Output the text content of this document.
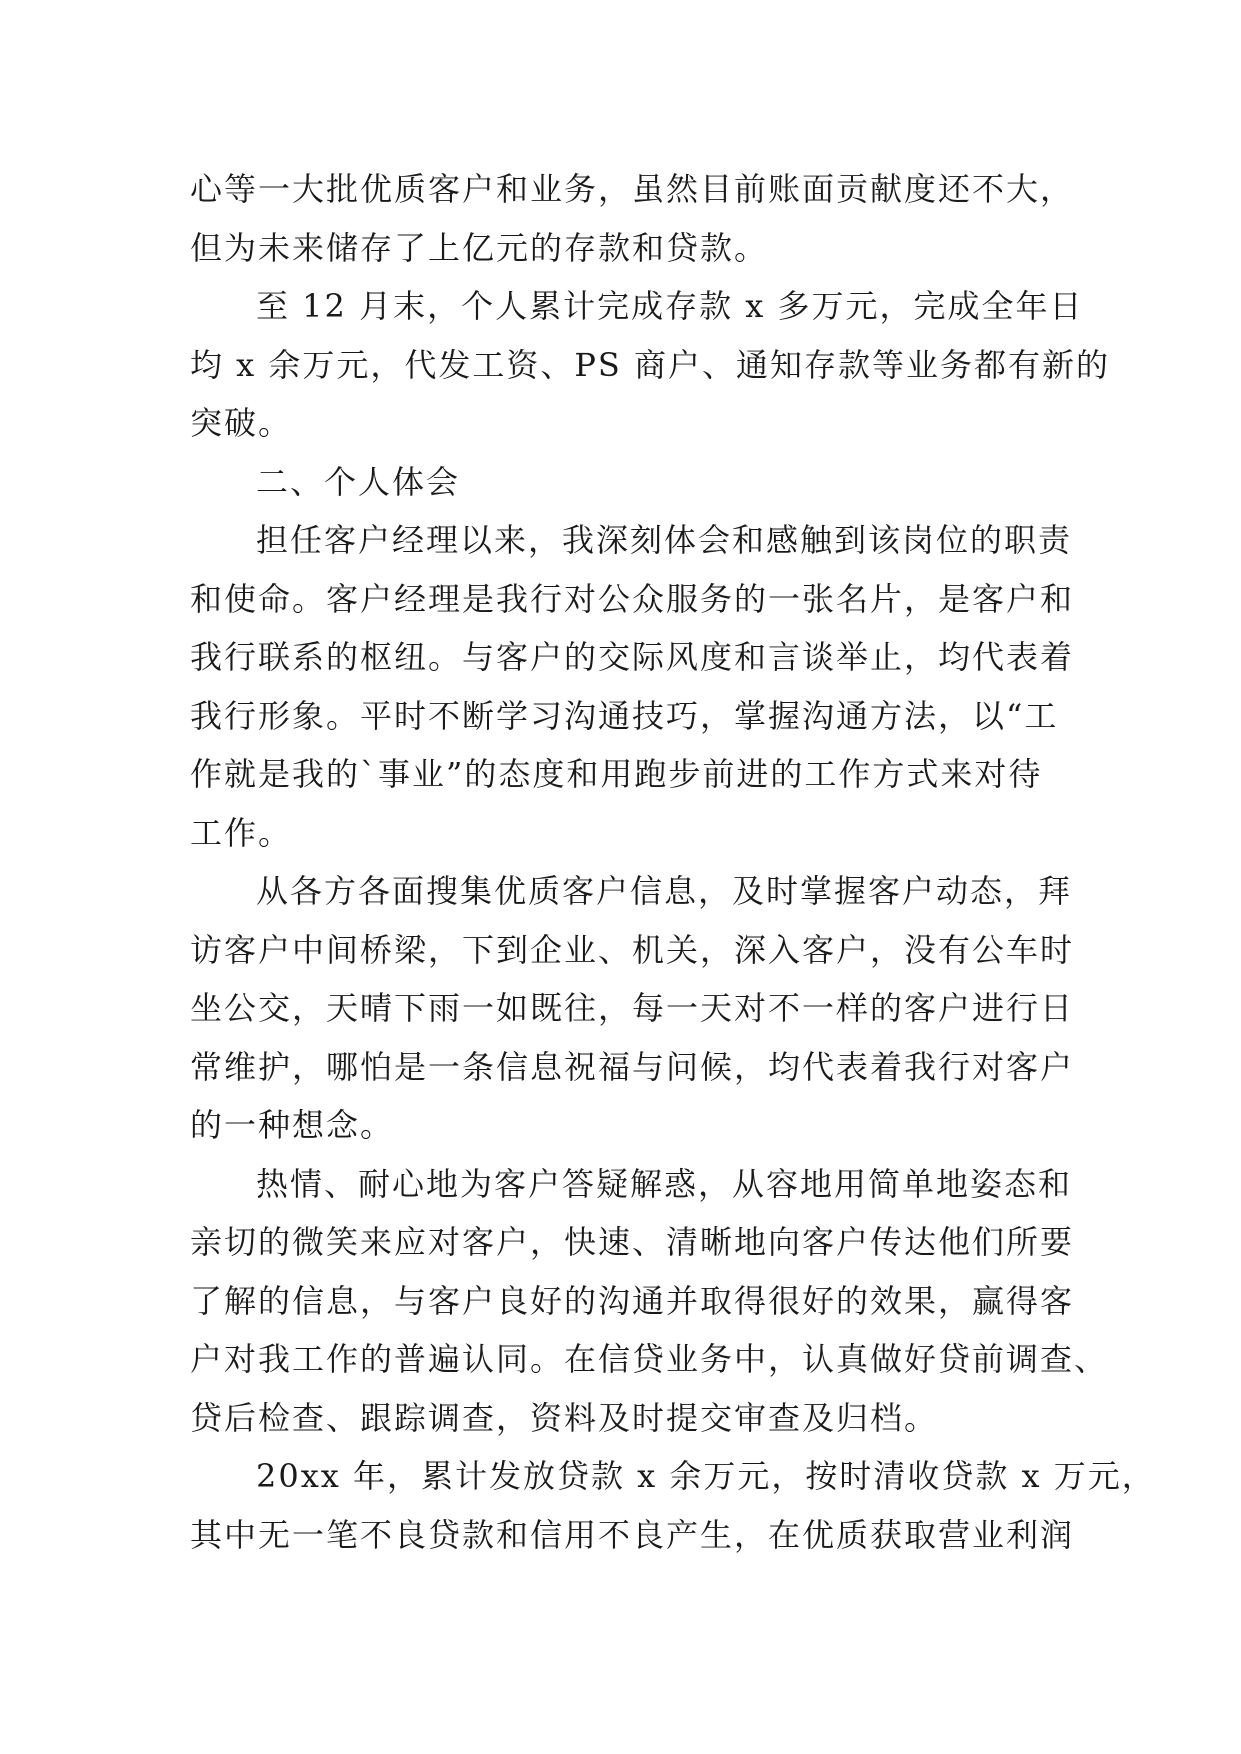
心等一大批优质客户和业务，虽然目前账面贡献度还不大，
但为未来储存了上亿元的存款和贷款。
至 12 月末，个人累计完成存款 x 多万元，完成全年日
均 x 余万元，代发工资、PS 商户、通知存款等业务都有新的
突破。
二、个人体会
担任客户经理以来，我深刻体会和感触到该岗位的职责
和使命。客户经理是我行对公众服务的一张名片，是客户和
我行联系的枢纽。与客户的交际风度和言谈举止，均代表着
我行形象。平时不断学习沟通技巧，掌握沟通方法，以“工
作就是我的`事业”的态度和用跑步前进的工作方式来对待
工作。
从各方各面搜集优质客户信息，及时掌握客户动态，拜
访客户中间桥梁，下到企业、机关，深入客户，没有公车时
坐公交，天晴下雨一如既往，每一天对不一样的客户进行日
常维护，哪怕是一条信息祝福与问候，均代表着我行对客户
的一种想念。
热情、耐心地为客户答疑解惑，从容地用简单地姿态和
亲切的微笑来应对客户，快速、清晰地向客户传达他们所要
了解的信息，与客户良好的沟通并取得很好的效果，赢得客
户对我工作的普遍认同。在信贷业务中，认真做好贷前调查、
贷后检查、跟踪调查，资料及时提交审查及归档。
20xx 年，累计发放贷款 x 余万元，按时清收贷款 x 万元，
其中无一笔不良贷款和信用不良产生，在优质获取营业利润
